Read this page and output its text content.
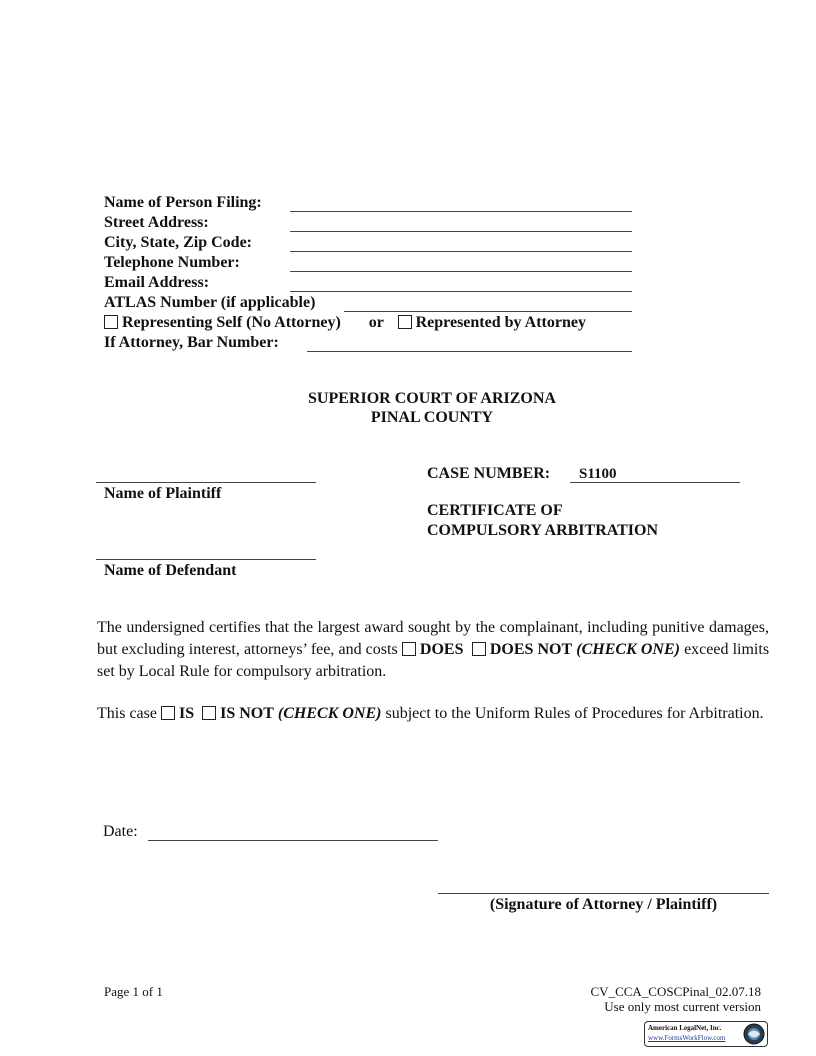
Name of Person Filing:
Street Address:
City, State, Zip Code:
Telephone Number:
Email Address:
ATLAS Number (if applicable)
Representing Self (No Attorney) or Represented by Attorney
If Attorney, Bar Number:
SUPERIOR COURT OF ARIZONA
PINAL COUNTY
Name of Plaintiff
Name of Defendant
CASE NUMBER: S1100
CERTIFICATE OF
COMPULSORY ARBITRATION
The undersigned certifies that the largest award sought by the complainant, including punitive damages, but excluding interest, attorneys’ fee, and costs DOES DOES NOT (CHECK ONE) exceed limits set by Local Rule for compulsory arbitration.
This case IS IS NOT (CHECK ONE) subject to the Uniform Rules of Procedures for Arbitration.
Date:
(Signature of Attorney / Plaintiff)
Page 1 of 1	CV_CCA_COSCPinal_02.07.18
Use only most current version
American LegalNet, Inc.
www.FormsWorkFlow.com
